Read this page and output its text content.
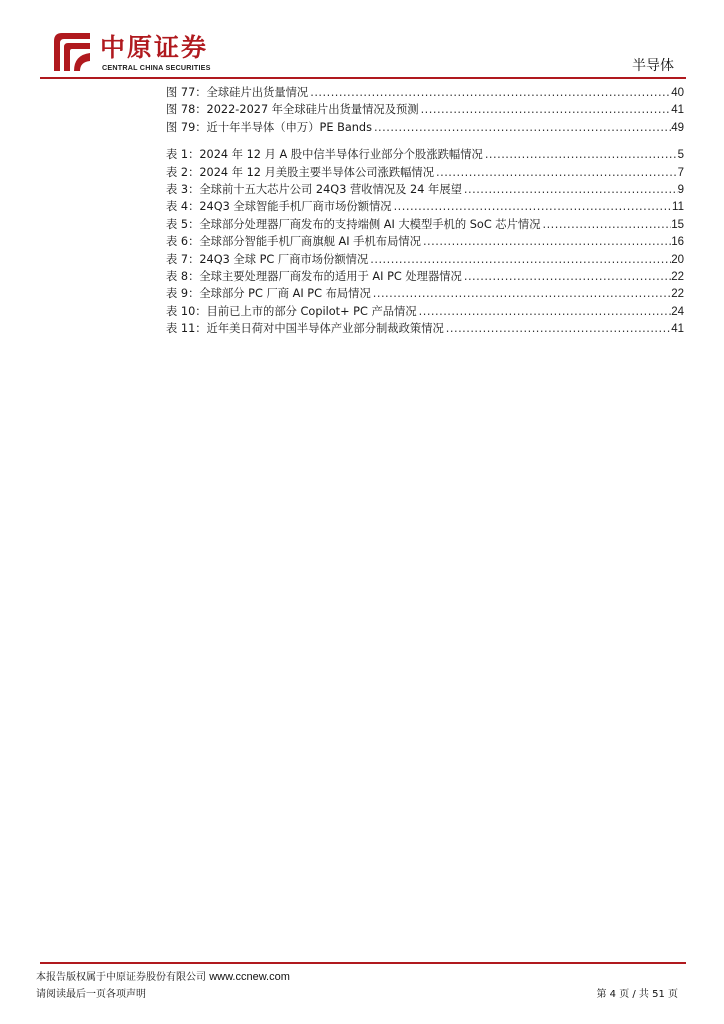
中原证券
CENTRAL CHINA SECURITIES	半导体
图 77：全球硅片出货量情况 .....	40
图 78：2022-2027 年全球硅片出货量情况及预测 .....	41
图 79：近十年半导体（申万）PE Bands .....	49
表 1：2024 年 12 月 A 股中信半导体行业部分个股涨跌幅情况 .....	5
表 2：2024 年 12 月美股主要半导体公司涨跌幅情况 .....	7
表 3：全球前十五大芯片公司 24Q3 营收情况及 24 年展望 .....	9
表 4：24Q3 全球智能手机厂商市场份额情况 .....	11
表 5：全球部分处理器厂商发布的支持端侧 AI 大模型手机的 SoC 芯片情况 .....	15
表 6：全球部分智能手机厂商旗舰 AI 手机布局情况 .....	16
表 7：24Q3 全球 PC 厂商市场份额情况 .....	20
表 8：全球主要处理器厂商发布的适用于 AI PC 处理器情况 .....	22
表 9：全球部分 PC 厂商 AI PC 布局情况 .....	22
表 10：目前已上市的部分 Copilot+ PC 产品情况 .....	24
表 11：近年美日荷对中国半导体产业部分制裁政策情况 .....	41
本报告版权属于中原证券股份有限公司 www.ccnew.com
请阅读最后一页各项声明	第 4 页 / 共 51 页
